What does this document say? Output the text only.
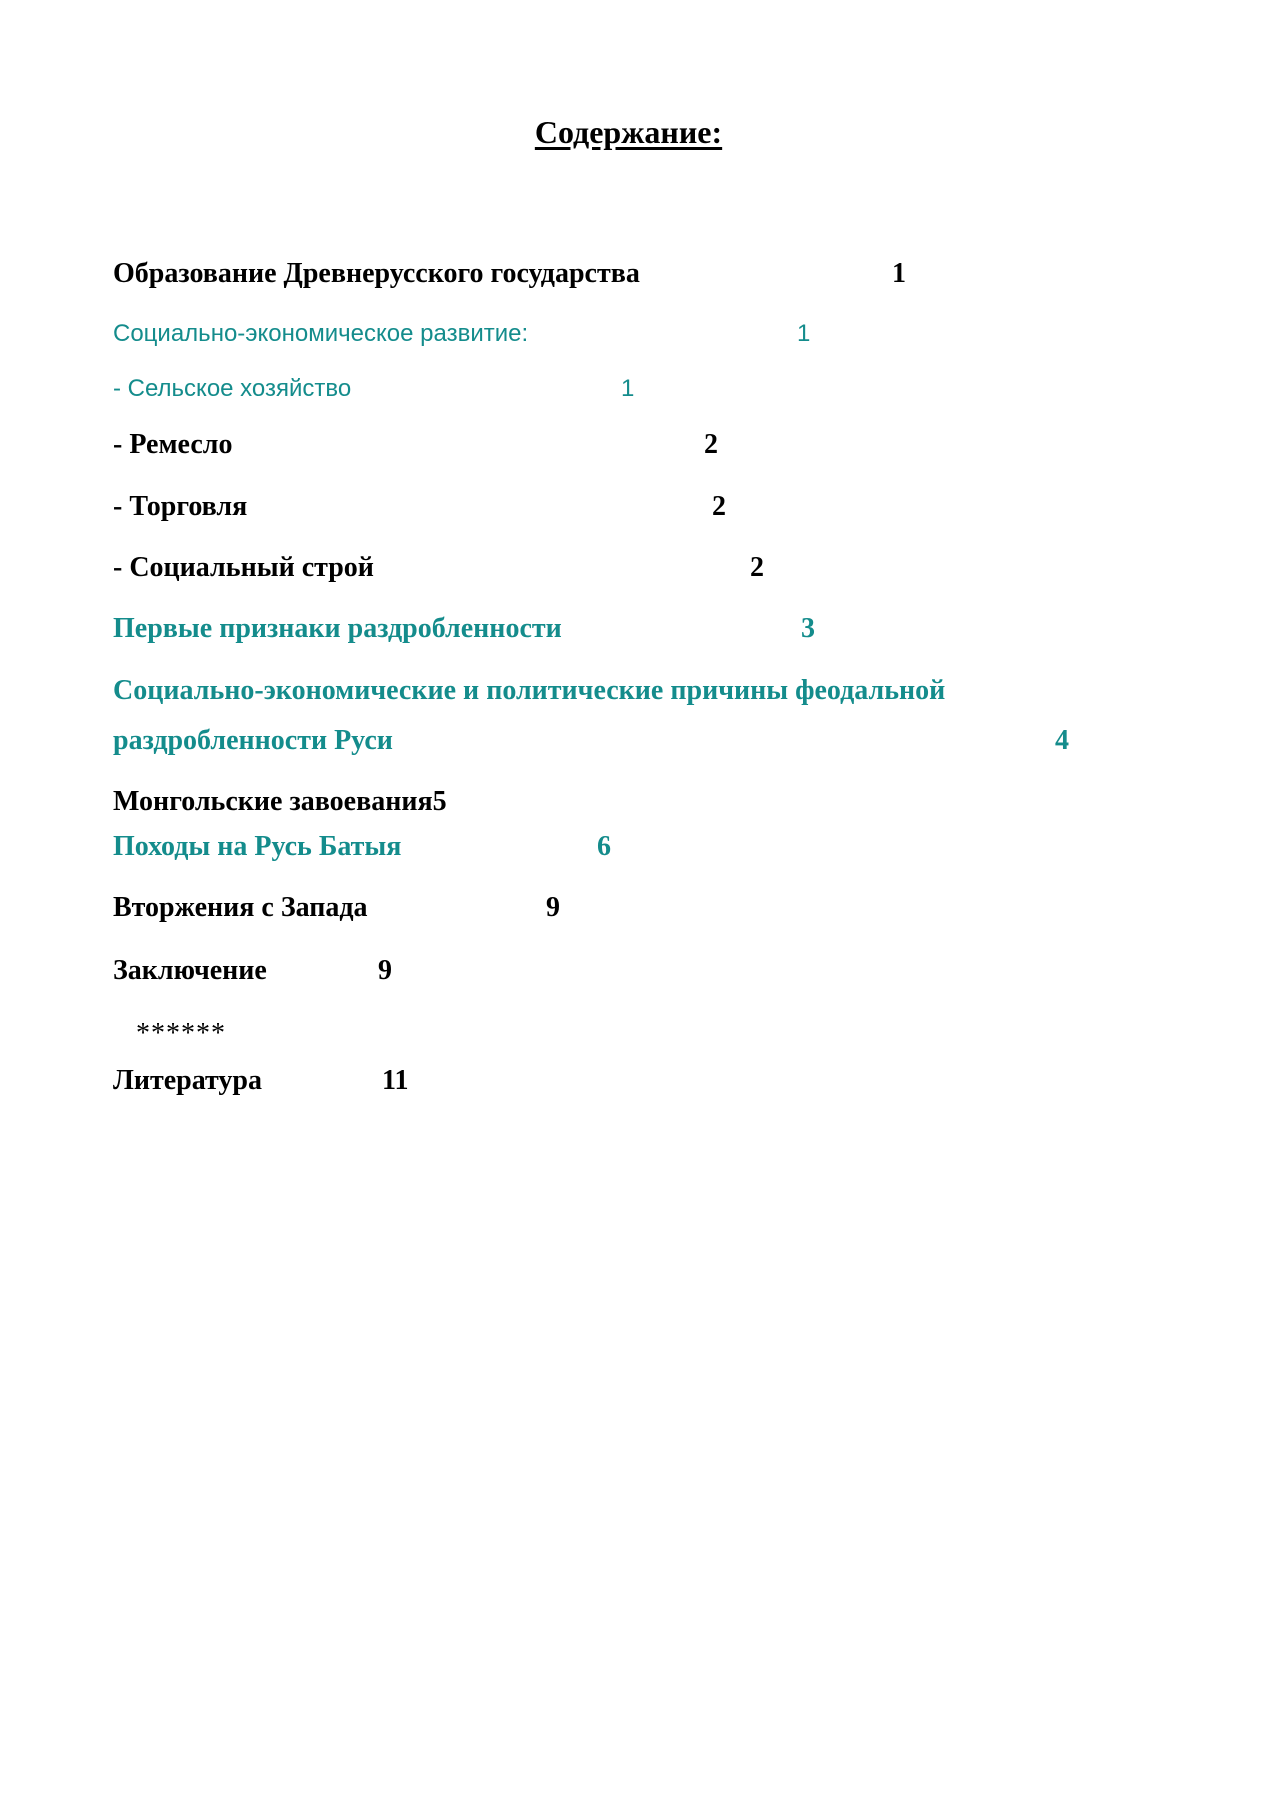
Содержание:
Образование Древнерусского государства	1
Социально-экономическое развитие:	1
- Сельское хозяйство	1
- Ремесло	2
- Торговля	2
- Социальный строй	2
Первые признаки раздробленности	3
Социально-экономические и политические причины феодальной
раздробленности Руси	4
Монгольские завоевания5
Походы на Русь Батыя	6
Вторжения с Запада	9
Заключение	9
******
Литература	11
